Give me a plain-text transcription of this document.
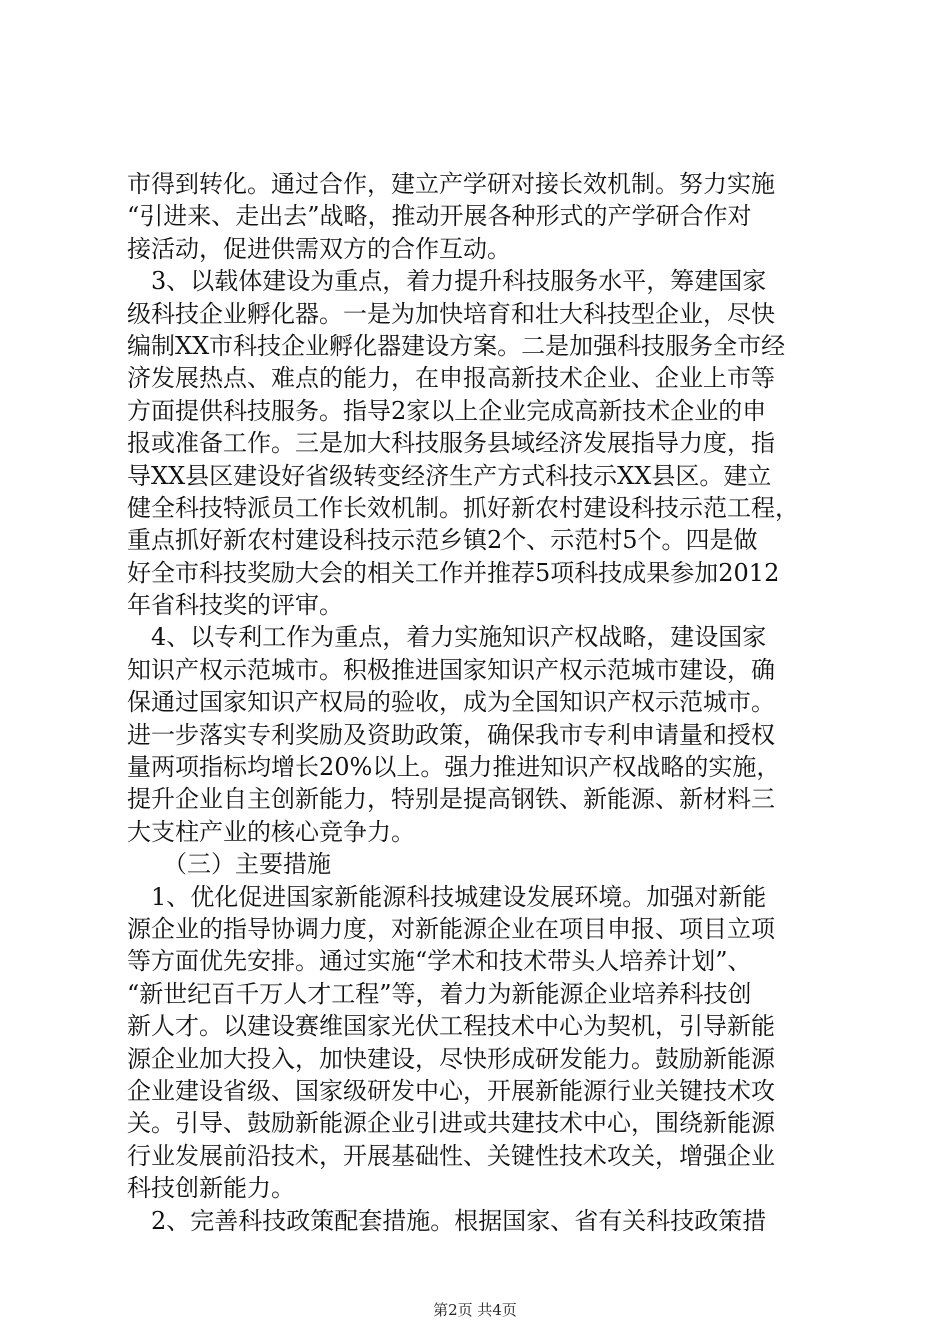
市得到转化。通过合作，建立产学研对接长效机制。努力实施
“引进来、走出去”战略，推动开展各种形式的产学研合作对
接活动，促进供需双方的合作互动。
　3、以载体建设为重点，着力提升科技服务水平，筹建国家
级科技企业孵化器。一是为加快培育和壮大科技型企业，尽快
编制XX市科技企业孵化器建设方案。二是加强科技服务全市经
济发展热点、难点的能力，在申报高新技术企业、企业上市等
方面提供科技服务。指导2家以上企业完成高新技术企业的申
报或准备工作。三是加大科技服务县域经济发展指导力度，指
导XX县区建设好省级转变经济生产方式科技示XX县区。建立
健全科技特派员工作长效机制。抓好新农村建设科技示范工程，
重点抓好新农村建设科技示范乡镇2个、示范村5个。四是做
好全市科技奖励大会的相关工作并推荐5项科技成果参加2012
年省科技奖的评审。
　4、以专利工作为重点，着力实施知识产权战略，建设国家
知识产权示范城市。积极推进国家知识产权示范城市建设，确
保通过国家知识产权局的验收，成为全国知识产权示范城市。
进一步落实专利奖励及资助政策，确保我市专利申请量和授权
量两项指标均增长20%以上。强力推进知识产权战略的实施，
提升企业自主创新能力，特别是提高钢铁、新能源、新材料三
大支柱产业的核心竞争力。
　　（三）主要措施
　1、优化促进国家新能源科技城建设发展环境。加强对新能
源企业的指导协调力度，对新能源企业在项目申报、项目立项
等方面优先安排。通过实施“学术和技术带头人培养计划”、
“新世纪百千万人才工程”等，着力为新能源企业培养科技创
新人才。以建设赛维国家光伏工程技术中心为契机，引导新能
源企业加大投入，加快建设，尽快形成研发能力。鼓励新能源
企业建设省级、国家级研发中心，开展新能源行业关键技术攻
关。引导、鼓励新能源企业引进或共建技术中心，围绕新能源
行业发展前沿技术，开展基础性、关键性技术攻关，增强企业
科技创新能力。
　2、完善科技政策配套措施。根据国家、省有关科技政策措
第2页 共4页
